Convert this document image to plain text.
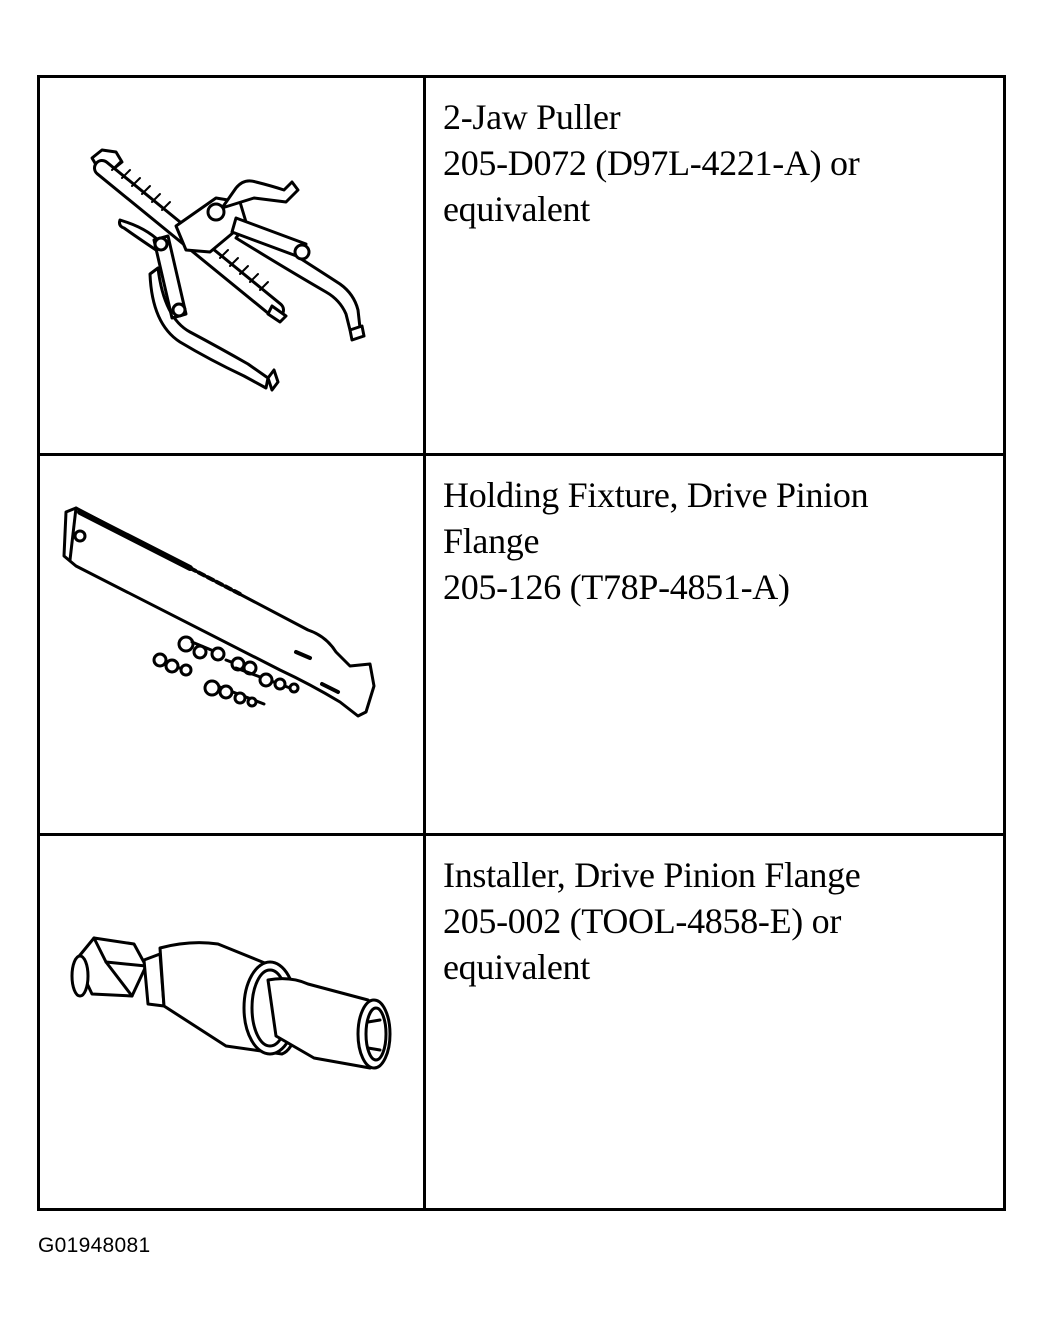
2-Jaw Puller
205-D072 (D97L-4221-A) or
equivalent
Holding Fixture, Drive Pinion
Flange
205-126 (T78P-4851-A)
Installer, Drive Pinion Flange
205-002 (TOOL-4858-E) or
equivalent
G01948081
